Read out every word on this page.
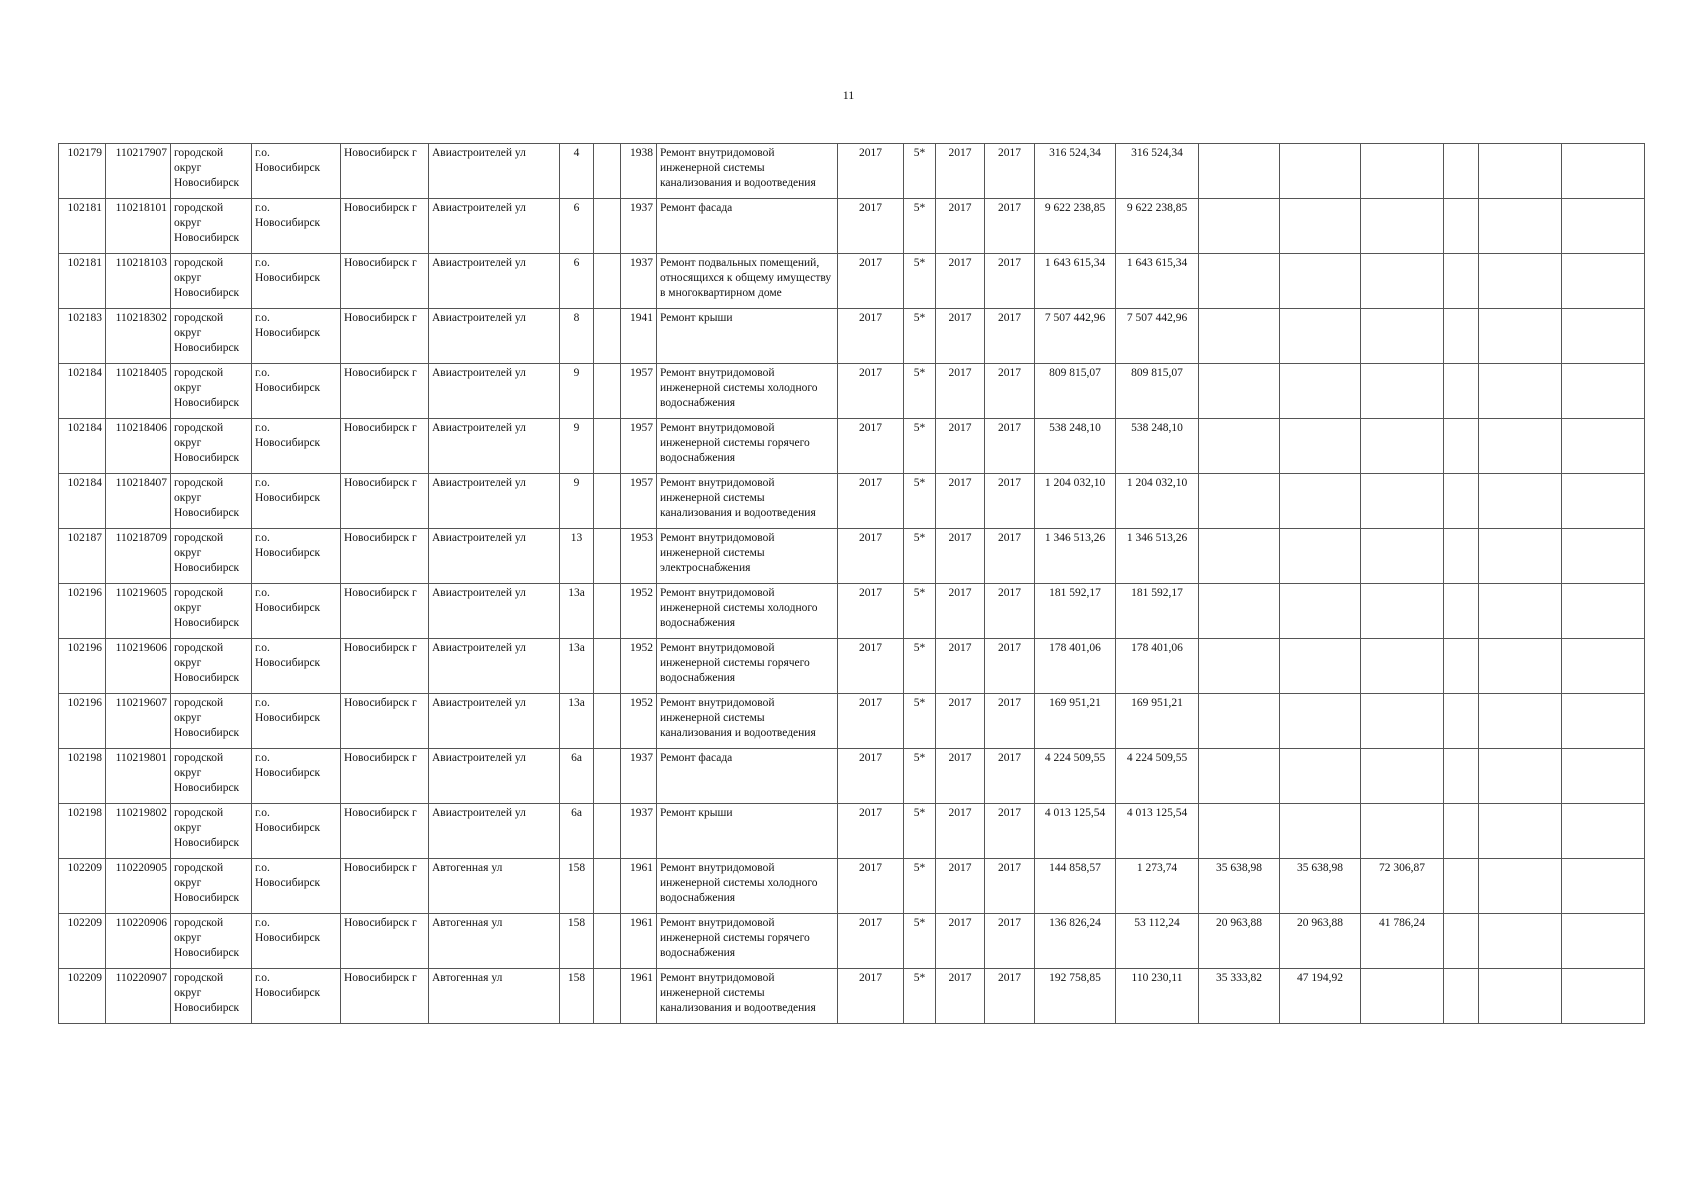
11
102179	110217907	городской округ Новосибирск	г.о. Новосибирск	Новосибирск г	Авиастроителей ул	4		1938	Ремонт внутридомовой инженерной системы канализования и водоотведения	2017	5*	2017	2017	316 524,34	316 524,34						
102181	110218101	городской округ Новосибирск	г.о. Новосибирск	Новосибирск г	Авиастроителей ул	6		1937	Ремонт фасада	2017	5*	2017	2017	9 622 238,85	9 622 238,85						
102181	110218103	городской округ Новосибирск	г.о. Новосибирск	Новосибирск г	Авиастроителей ул	6		1937	Ремонт подвальных помещений, относящихся к общему имуществу в многоквартирном доме	2017	5*	2017	2017	1 643 615,34	1 643 615,34						
102183	110218302	городской округ Новосибирск	г.о. Новосибирск	Новосибирск г	Авиастроителей ул	8		1941	Ремонт крыши	2017	5*	2017	2017	7 507 442,96	7 507 442,96						
102184	110218405	городской округ Новосибирск	г.о. Новосибирск	Новосибирск г	Авиастроителей ул	9		1957	Ремонт внутридомовой инженерной системы холодного водоснабжения	2017	5*	2017	2017	809 815,07	809 815,07						
102184	110218406	городской округ Новосибирск	г.о. Новосибирск	Новосибирск г	Авиастроителей ул	9		1957	Ремонт внутридомовой инженерной системы горячего водоснабжения	2017	5*	2017	2017	538 248,10	538 248,10						
102184	110218407	городской округ Новосибирск	г.о. Новосибирск	Новосибирск г	Авиастроителей ул	9		1957	Ремонт внутридомовой инженерной системы канализования и водоотведения	2017	5*	2017	2017	1 204 032,10	1 204 032,10						
102187	110218709	городской округ Новосибирск	г.о. Новосибирск	Новосибирск г	Авиастроителей ул	13		1953	Ремонт внутридомовой инженерной системы электроснабжения	2017	5*	2017	2017	1 346 513,26	1 346 513,26						
102196	110219605	городской округ Новосибирск	г.о. Новосибирск	Новосибирск г	Авиастроителей ул	13а		1952	Ремонт внутридомовой инженерной системы холодного водоснабжения	2017	5*	2017	2017	181 592,17	181 592,17						
102196	110219606	городской округ Новосибирск	г.о. Новосибирск	Новосибирск г	Авиастроителей ул	13а		1952	Ремонт внутридомовой инженерной системы горячего водоснабжения	2017	5*	2017	2017	178 401,06	178 401,06						
102196	110219607	городской округ Новосибирск	г.о. Новосибирск	Новосибирск г	Авиастроителей ул	13а		1952	Ремонт внутридомовой инженерной системы канализования и водоотведения	2017	5*	2017	2017	169 951,21	169 951,21						
102198	110219801	городской округ Новосибирск	г.о. Новосибирск	Новосибирск г	Авиастроителей ул	6а		1937	Ремонт фасада	2017	5*	2017	2017	4 224 509,55	4 224 509,55						
102198	110219802	городской округ Новосибирск	г.о. Новосибирск	Новосибирск г	Авиастроителей ул	6а		1937	Ремонт крыши	2017	5*	2017	2017	4 013 125,54	4 013 125,54						
102209	110220905	городской округ Новосибирск	г.о. Новосибирск	Новосибирск г	Автогенная ул	158		1961	Ремонт внутридомовой инженерной системы холодного водоснабжения	2017	5*	2017	2017	144 858,57	1 273,74	35 638,98	35 638,98	72 306,87			
102209	110220906	городской округ Новосибирск	г.о. Новосибирск	Новосибирск г	Автогенная ул	158		1961	Ремонт внутридомовой инженерной системы горячего водоснабжения	2017	5*	2017	2017	136 826,24	53 112,24	20 963,88	20 963,88	41 786,24			
102209	110220907	городской округ Новосибирск	г.о. Новосибирск	Новосибирск г	Автогенная ул	158		1961	Ремонт внутридомовой инженерной системы канализования и водоотведения	2017	5*	2017	2017	192 758,85	110 230,11	35 333,82	47 194,92				
